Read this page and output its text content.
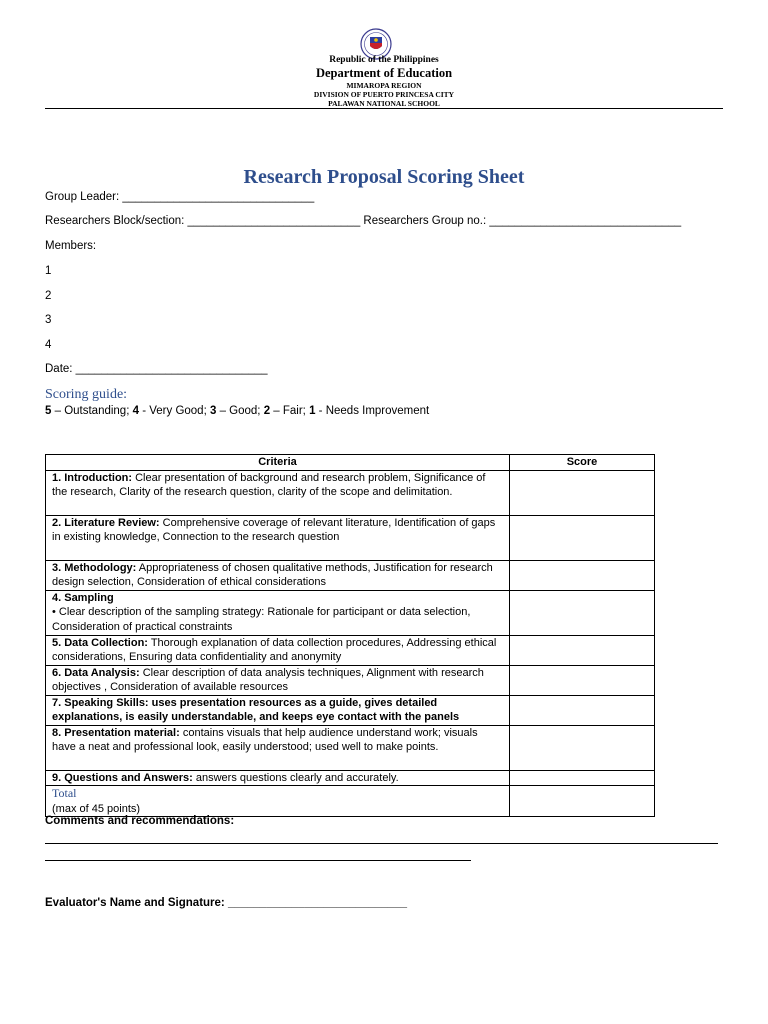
Republic of the Philippines
Department of Education
MIMAROPA REGION
DIVISION OF PUERTO PRINCESA CITY
PALAWAN NATIONAL SCHOOL
Research Proposal Scoring Sheet
Group Leader: ______________________________
Researchers Block/section: ___________________________ Researchers Group no.: ______________________________
Members:
1
2
3
4
Date: ______________________________
Scoring guide:
5 – Outstanding; 4 - Very Good; 3 – Good; 2 – Fair; 1 - Needs Improvement
Criteria	Score
1. Introduction: Clear presentation of background and research problem, Significance of the research, Clarity of the research question, clarity of the scope and delimitation.	
2. Literature Review: Comprehensive coverage of relevant literature, Identification of gaps in existing knowledge, Connection to the research question	
3. Methodology: Appropriateness of chosen qualitative methods, Justification for research design selection, Consideration of ethical considerations	
4. Sampling
• Clear description of the sampling strategy: Rationale for participant or data selection, Consideration of practical constraints	
5. Data Collection: Thorough explanation of data collection procedures, Addressing ethical considerations, Ensuring data confidentiality and anonymity	
6. Data Analysis: Clear description of data analysis techniques, Alignment with research objectives , Consideration of available resources	
7. Speaking Skills: uses presentation resources as a guide, gives detailed explanations, is easily understandable, and keeps eye contact with the panels	
8. Presentation material: contains visuals that help audience understand work; visuals have a neat and professional look, easily understood; used well to make points.	
9. Questions and Answers: answers questions clearly and accurately.	
Total
(max of 45 points)	
Comments and recommendations:
Evaluator's Name and Signature: ____________________________
